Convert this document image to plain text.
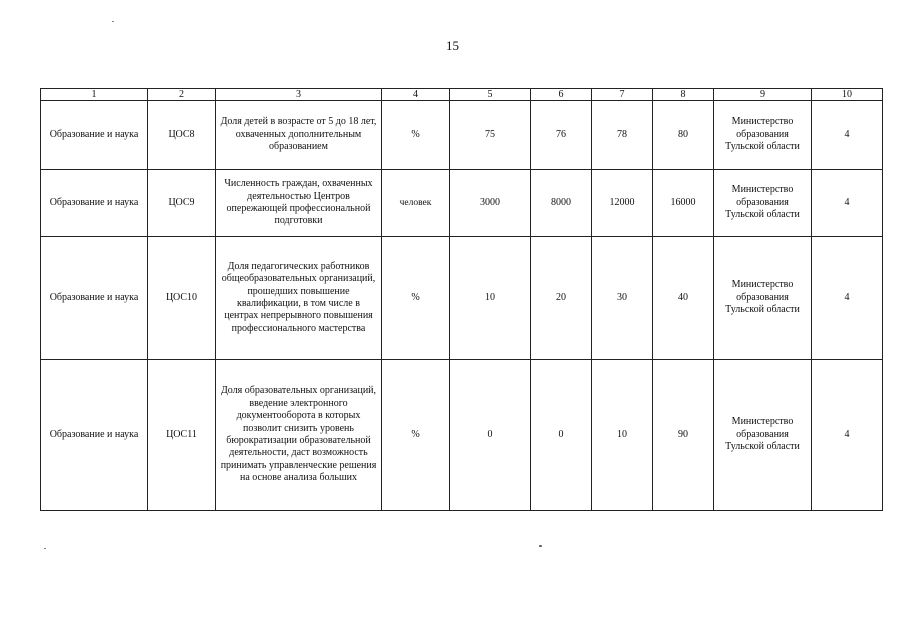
15
1	2	3	4	5	6	7	8	9	10
Образование и наука	ЦОС8	Доля детей в возрасте от 5 до 18 лет, охваченных дополнительным образованием	%	75	76	78	80	Министерство образования Тульской области	4
Образование и наука	ЦОС9	Численность граждан, охваченных деятельностью Центров опережающей профессиональной подготовки	человек	3000	8000	12000	16000	Министерство образования Тульской области	4
Образование и наука	ЦОС10	Доля педагогических работников общеобразовательных организаций, прошедших повышение квалификации, в том числе в центрах непрерывного повышения профессионального мастерства	%	10	20	30	40	Министерство образования Тульской области	4
Образование и наука	ЦОС11	Доля образовательных организаций, введение электронного документооборота в которых позволит снизить уровень бюрократизации образовательной деятельности, даст возможность принимать управленческие решения на основе анализа больших	%	0	0	10	90	Министерство образования Тульской области	4
